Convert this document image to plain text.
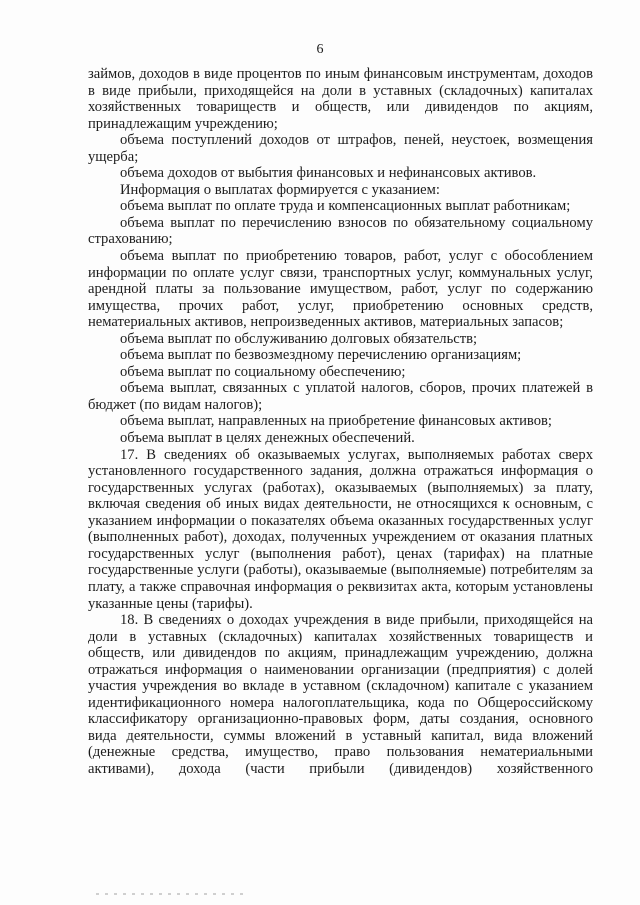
6

займов, доходов в виде процентов по иным финансовым инструментам, доходов в виде прибыли, приходящейся на доли в уставных (складочных) капиталах хозяйственных товариществ и обществ, или дивидендов по акциям, принадлежащим учреждению;

объема поступлений доходов от штрафов, пеней, неустоек, возмещения ущерба;

объема доходов от выбытия финансовых и нефинансовых активов.

Информация о выплатах формируется с указанием:

объема выплат по оплате труда и компенсационных выплат работникам;

объема выплат по перечислению взносов по обязательному социальному страхованию;

объема выплат по приобретению товаров, работ, услуг с обособлением информации по оплате услуг связи, транспортных услуг, коммунальных услуг, арендной платы за пользование имуществом, работ, услуг по содержанию имущества, прочих работ, услуг, приобретению основных средств, нематериальных активов, непроизведенных активов, материальных запасов;

объема выплат по обслуживанию долговых обязательств;

объема выплат по безвозмездному перечислению организациям;

объема выплат по социальному обеспечению;

объема выплат, связанных с уплатой налогов, сборов, прочих платежей в бюджет (по видам налогов);

объема выплат, направленных на приобретение финансовых активов;

объема выплат в целях денежных обеспечений.

17. В сведениях об оказываемых услугах, выполняемых работах сверх установленного государственного задания, должна отражаться информация о государственных услугах (работах), оказываемых (выполняемых) за плату, включая сведения об иных видах деятельности, не относящихся к основным, с указанием информации о показателях объема оказанных государственных услуг (выполненных работ), доходах, полученных учреждением от оказания платных государственных услуг (выполнения работ), ценах (тарифах) на платные государственные услуги (работы), оказываемые (выполняемые) потребителям за плату, а также справочная информация о реквизитах акта, которым установлены указанные цены (тарифы).

18. В сведениях о доходах учреждения в виде прибыли, приходящейся на доли в уставных (складочных) капиталах хозяйственных товариществ и обществ, или дивидендов по акциям, принадлежащим учреждению, должна отражаться информация о наименовании организации (предприятия) с долей участия учреждения во вкладе в уставном (складочном) капитале с указанием идентификационного номера налогоплательщика, кода по Общероссийскому классификатору организационно-правовых форм, даты создания, основного вида деятельности, суммы вложений в уставный капитал, вида вложений (денежные средства, имущество, право пользования нематериальными активами), дохода (части прибыли (дивидендов) хозяйственного
